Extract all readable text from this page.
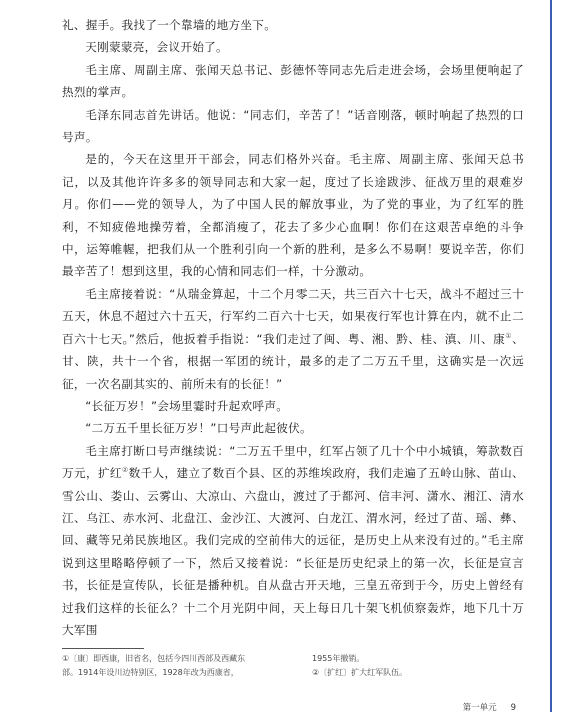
礼、握手。我找了一个靠墙的地方坐下。

天刚蒙蒙亮，会议开始了。

毛主席、周副主席、张闻天总书记、彭德怀等同志先后走进会场，会场里便响起了热烈的掌声。

毛泽东同志首先讲话。他说：“同志们，辛苦了！”话音刚落，顿时响起了热烈的口号声。

是的，今天在这里开干部会，同志们格外兴奋。毛主席、周副主席、张闻天总书记，以及其他许许多多的领导同志和大家一起，度过了长途跋涉、征战万里的艰难岁月。你们——党的领导人，为了中国人民的解放事业，为了党的事业，为了红军的胜利，不知疲倦地操劳着，全都消瘦了，花去了多少心血啊！你们在这艰苦卓绝的斗争中，运筹帷幄，把我们从一个胜利引向一个新的胜利，是多么不易啊！要说辛苦，你们最辛苦了！想到这里，我的心情和同志们一样，十分激动。

毛主席接着说：“从瑞金算起，十二个月零二天，共三百六十七天，战斗不超过三十五天，休息不超过六十五天，行军约二百六十七天，如果夜行军也计算在内，就不止二百六十七天。”然后，他扳着手指说：“我们走过了闽、粤、湘、黔、桂、滇、川、康①、甘、陕，共十一个省，根据一军团的统计，最多的走了二万五千里，这确实是一次远征，一次名副其实的、前所未有的长征！”

“长征万岁！”会场里霎时升起欢呼声。

“二万五千里长征万岁！”口号声此起彼伏。

毛主席打断口号声继续说：“二万五千里中，红军占领了几十个中小城镇，筹款数百万元，扩红②数千人，建立了数百个县、区的苏维埃政府，我们走遍了五岭山脉、苗山、雪公山、娄山、云雾山、大凉山、六盘山，渡过了于都河、信丰河、潇水、湘江、清水江、乌江、赤水河、北盘江、金沙江、大渡河、白龙江、渭水河，经过了苗、瑶、彝、回、藏等兄弟民族地区。我们完成的空前伟大的远征，是历史上从来没有过的。”毛主席说到这里略略停顿了一下，然后又接着说：“长征是历史纪录上的第一次，长征是宣言书，长征是宣传队，长征是播种机。自从盘古开天地，三皇五帝到于今，历史上曾经有过我们这样的长征么？十二个月光阴中间，天上每日几十架飞机侦察轰炸，地下几十万大军围

①〔康〕即西康，旧省名，包括今四川西部及西藏东
部。1914年设川边特别区，1928年改为西康省，
1955年撤销。
②〔扩红〕扩大红军队伍。
第一单元 9
